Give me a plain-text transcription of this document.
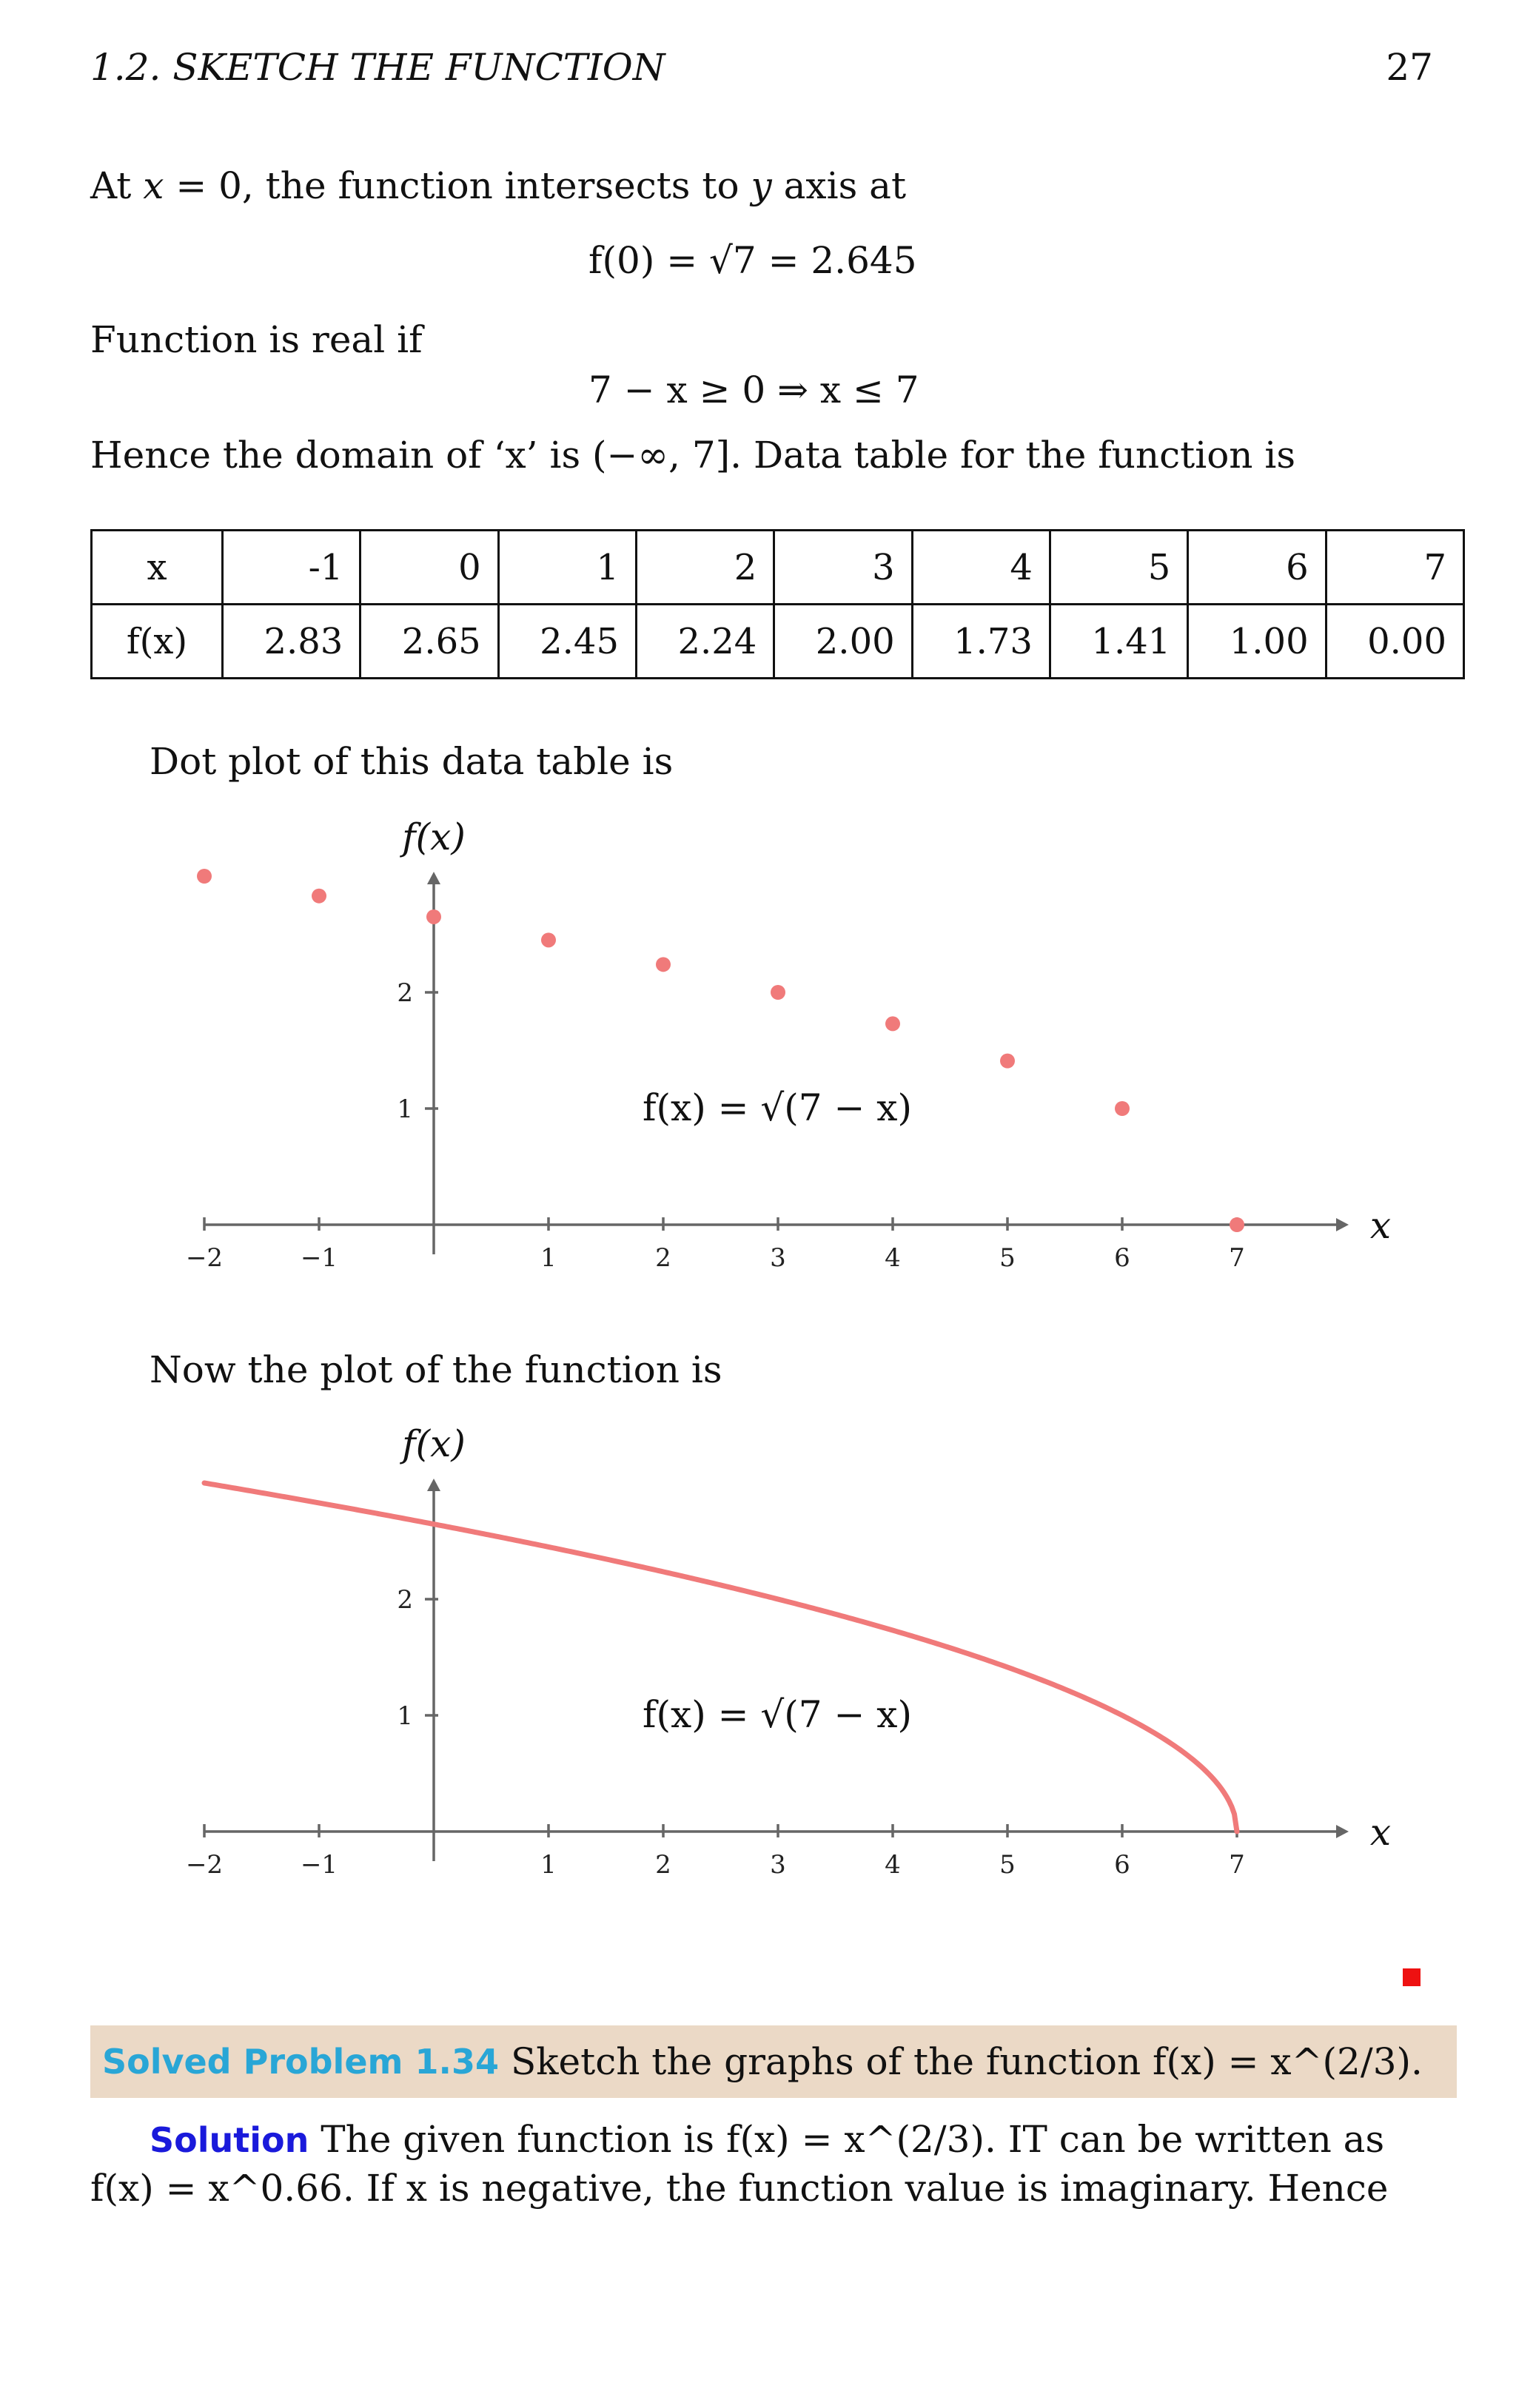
1.2. SKETCH THE FUNCTION	27

At x = 0, the function intersects to y axis at

f(0) = √7 = 2.645

Function is real if

7 − x ≥ 0 ⇒ x ≤ 7

Hence the domain of ‘x’ is (−∞, 7]. Data table for the function is

x	-1	0	1	2	3	4	5	6	7
f(x)	2.83	2.65	2.45	2.24	2.00	1.73	1.41	1.00	0.00

Dot plot of this data table is

−2	−1	1	2	3	4	5	6	7
1
2
f(x)
x
f(x) = √(7 − x)

Now the plot of the function is

−2	−1	1	2	3	4	5	6	7
1
2
f(x)
x
f(x) = √(7 − x)
Solved Problem 1.34 Sketch the graphs of the function f(x) = x^(2/3).

Solution The given function is f(x) = x^(2/3). IT can be written as

f(x) = x^0.66. If x is negative, the function value is imaginary. Hence
